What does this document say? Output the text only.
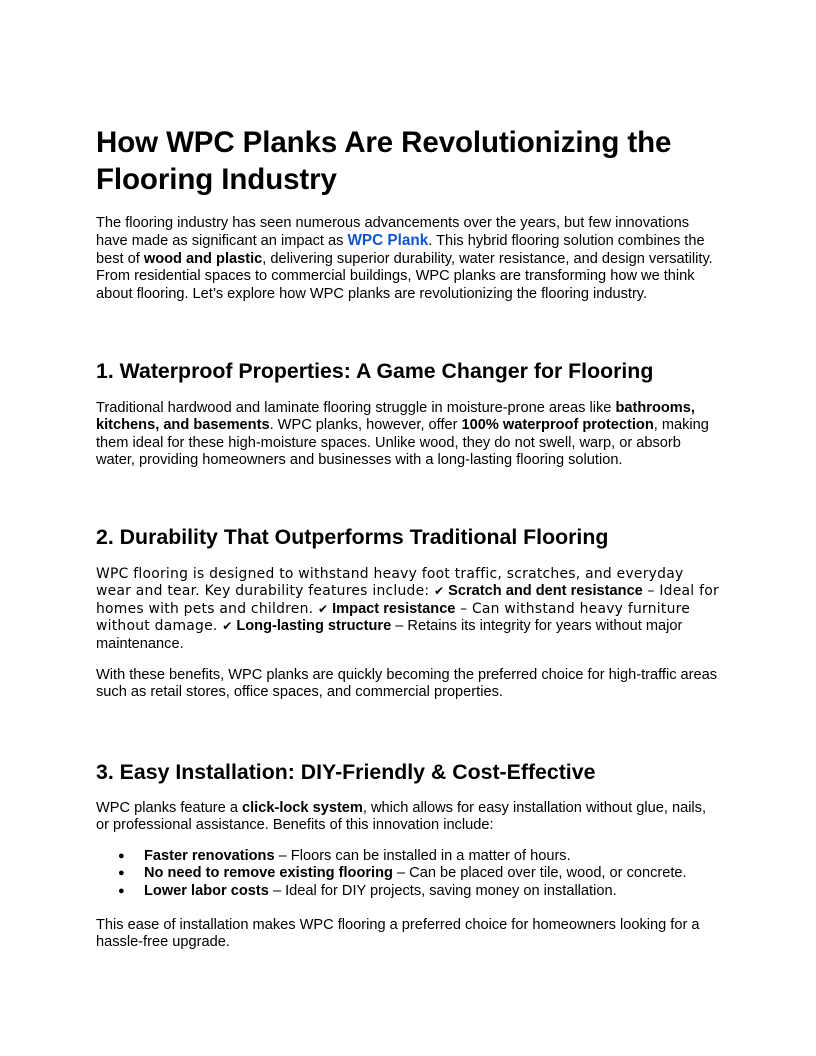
How WPC Planks Are Revolutionizing the Flooring Industry

The flooring industry has seen numerous advancements over the years, but few innovations have made as significant an impact as WPC Plank. This hybrid flooring solution combines the best of wood and plastic, delivering superior durability, water resistance, and design versatility. From residential spaces to commercial buildings, WPC planks are transforming how we think about flooring. Let’s explore how WPC planks are revolutionizing the flooring industry.

1. Waterproof Properties: A Game Changer for Flooring

Traditional hardwood and laminate flooring struggle in moisture-prone areas like bathrooms, kitchens, and basements. WPC planks, however, offer 100% waterproof protection, making them ideal for these high-moisture spaces. Unlike wood, they do not swell, warp, or absorb water, providing homeowners and businesses with a long-lasting flooring solution.

2. Durability That Outperforms Traditional Flooring

WPC flooring is designed to withstand heavy foot traffic, scratches, and everyday wear and tear. Key durability features include: ✔ Scratch and dent resistance – Ideal for homes with pets and children. ✔ Impact resistance – Can withstand heavy furniture without damage. ✔ Long-lasting structure – Retains its integrity for years without major maintenance.

With these benefits, WPC planks are quickly becoming the preferred choice for high-traffic areas such as retail stores, office spaces, and commercial properties.

3. Easy Installation: DIY-Friendly & Cost-Effective

WPC planks feature a click-lock system, which allows for easy installation without glue, nails, or professional assistance. Benefits of this innovation include:

● Faster renovations – Floors can be installed in a matter of hours.
● No need to remove existing flooring – Can be placed over tile, wood, or concrete.
● Lower labor costs – Ideal for DIY projects, saving money on installation.

This ease of installation makes WPC flooring a preferred choice for homeowners looking for a hassle-free upgrade.
